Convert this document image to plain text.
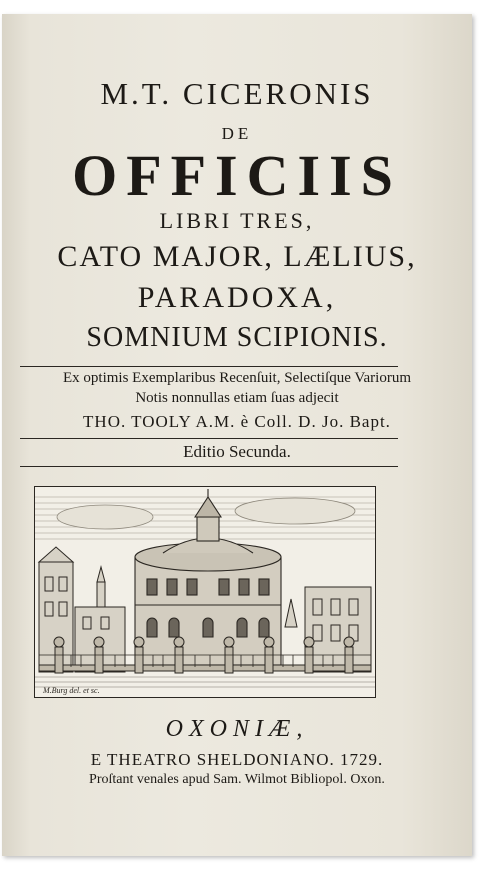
M.T. CICERONIS
DE
OFFICIIS
LIBRI TRES,
CATO MAJOR, LÆLIUS,
PARADOXA,
SOMNIUM SCIPIONIS.
Ex optimis Exemplaribus Recenſuit, Selectiſque Variorum
Notis nonnullas etiam ſuas adjecit
THO. TOOLY A.M. è Coll. D. Jo. Bapt.
Editio Secunda.
M.Burg del. et sc.
OXONIÆ,
E THEATRO SHELDONIANO. 1729.
Proſtant venales apud Sam. Wilmot Bibliopol. Oxon.
